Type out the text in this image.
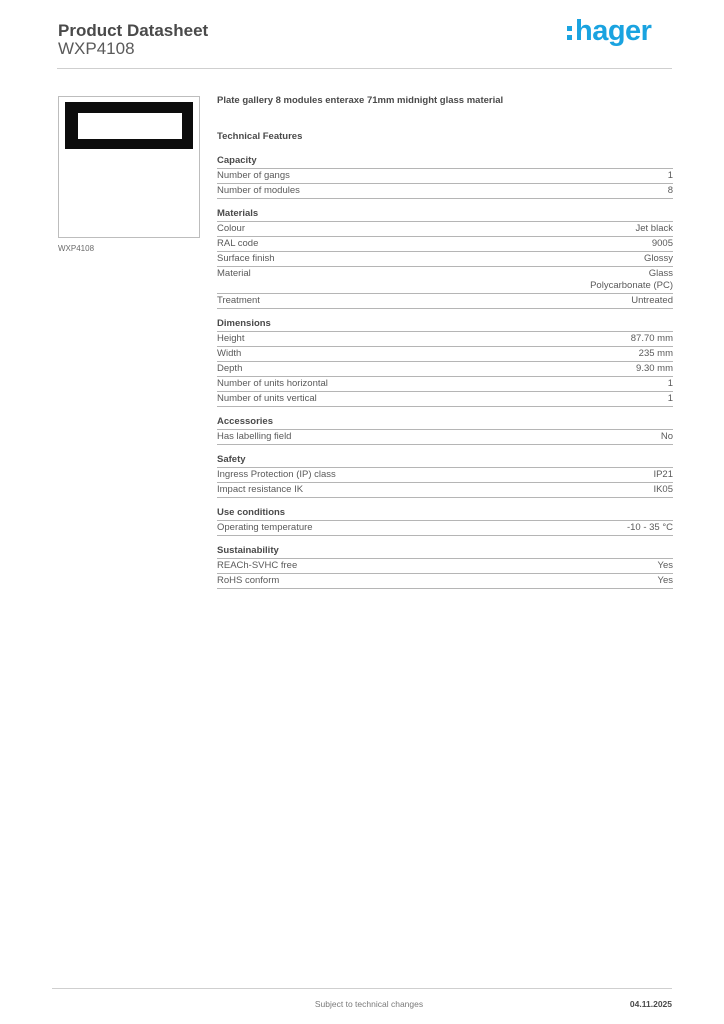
Product Datasheet
WXP4108
hager
WXP4108
Plate gallery 8 modules enteraxe 71mm midnight glass material
Technical Features
Capacity
Number of gangs	1
Number of modules	8
Materials
Colour	Jet black
RAL code	9005
Surface finish	Glossy
Material	Glass
Polycarbonate (PC)
Treatment	Untreated
Dimensions
Height	87.70 mm
Width	235 mm
Depth	9.30 mm
Number of units horizontal	1
Number of units vertical	1
Accessories
Has labelling field	No
Safety
Ingress Protection (IP) class	IP21
Impact resistance IK	IK05
Use conditions
Operating temperature	-10 - 35 °C
Sustainability
REACh-SVHC free	Yes
RoHS conform	Yes
Subject to technical changes	04.11.2025
